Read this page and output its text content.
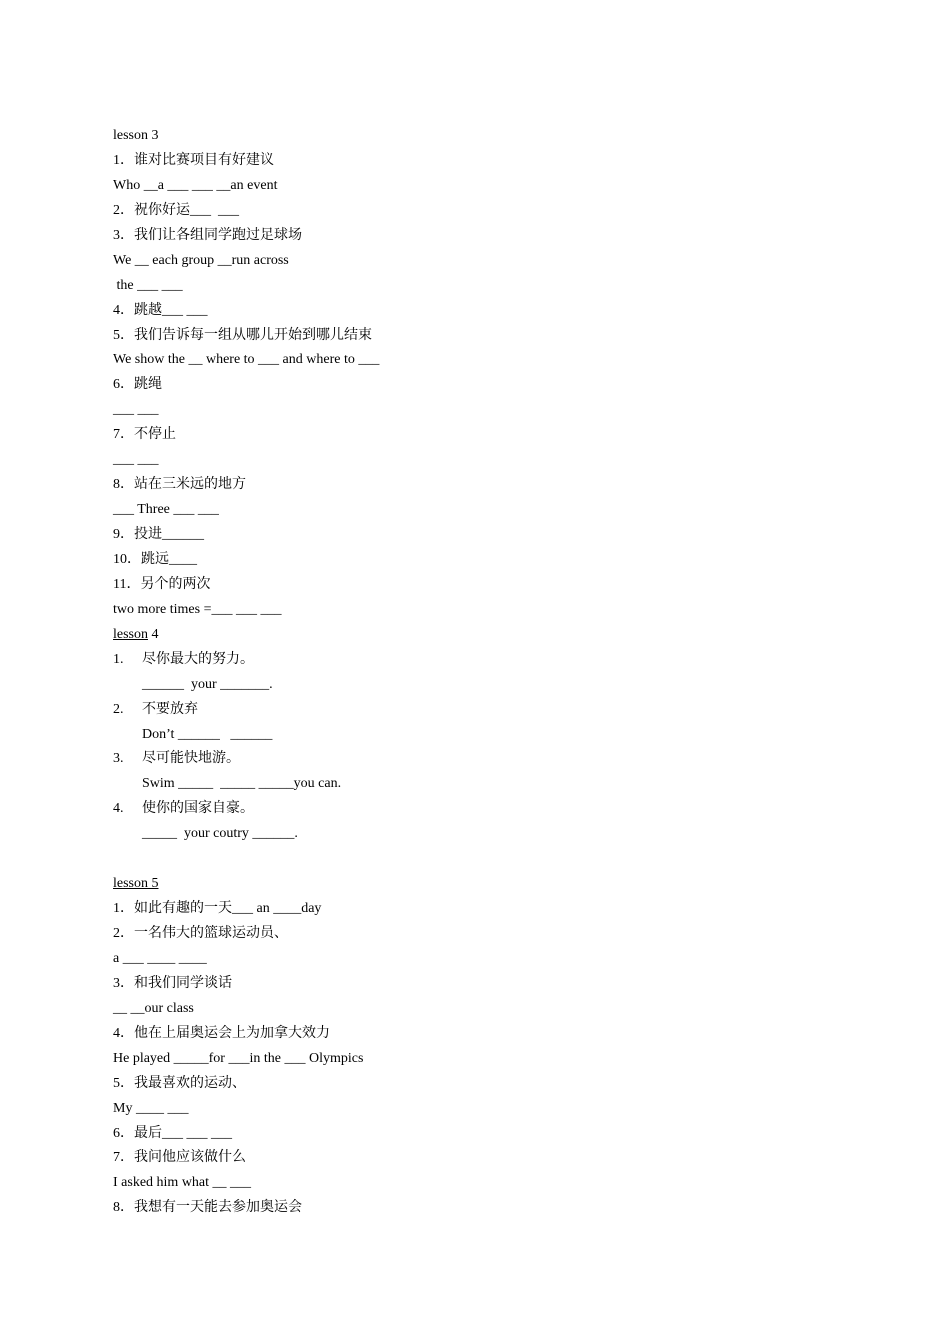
lesson 3
1．谁对比赛项目有好建议
Who __a ___ ___ __an event
2．祝你好运___  ___
3．我们让各组同学跑过足球场
We __ each group __run across
the ___ ___
4．跳越___ ___
5．我们告诉每一组从哪儿开始到哪儿结束
We show the __ where to ___ and where to ___
6．跳绳
___ ___
7．不停止
___ ___
8．站在三米远的地方
___ Three ___ ___
9．投进______
10．跳远____
11．另个的两次
two more times =___ ___ ___
lesson 4
1. 尽你最大的努力。
______  your _______.
2. 不要放弃
Don’t ______   ______
3. 尽可能快地游。
Swim _____  _____ _____you can.
4. 使你的国家自豪。
_____  your coutry ______.
lesson 5
1．如此有趣的一天___ an ____day
2．一名伟大的篮球运动员、
a ___ ____ ____
3．和我们同学谈话
__ __our class
4．他在上届奥运会上为加拿大效力
He played _____for ___in the ___ Olympics
5．我最喜欢的运动、
My ____ ___
6．最后___ ___ ___
7．我问他应该做什么
I asked him what __ ___
8．我想有一天能去参加奥运会
